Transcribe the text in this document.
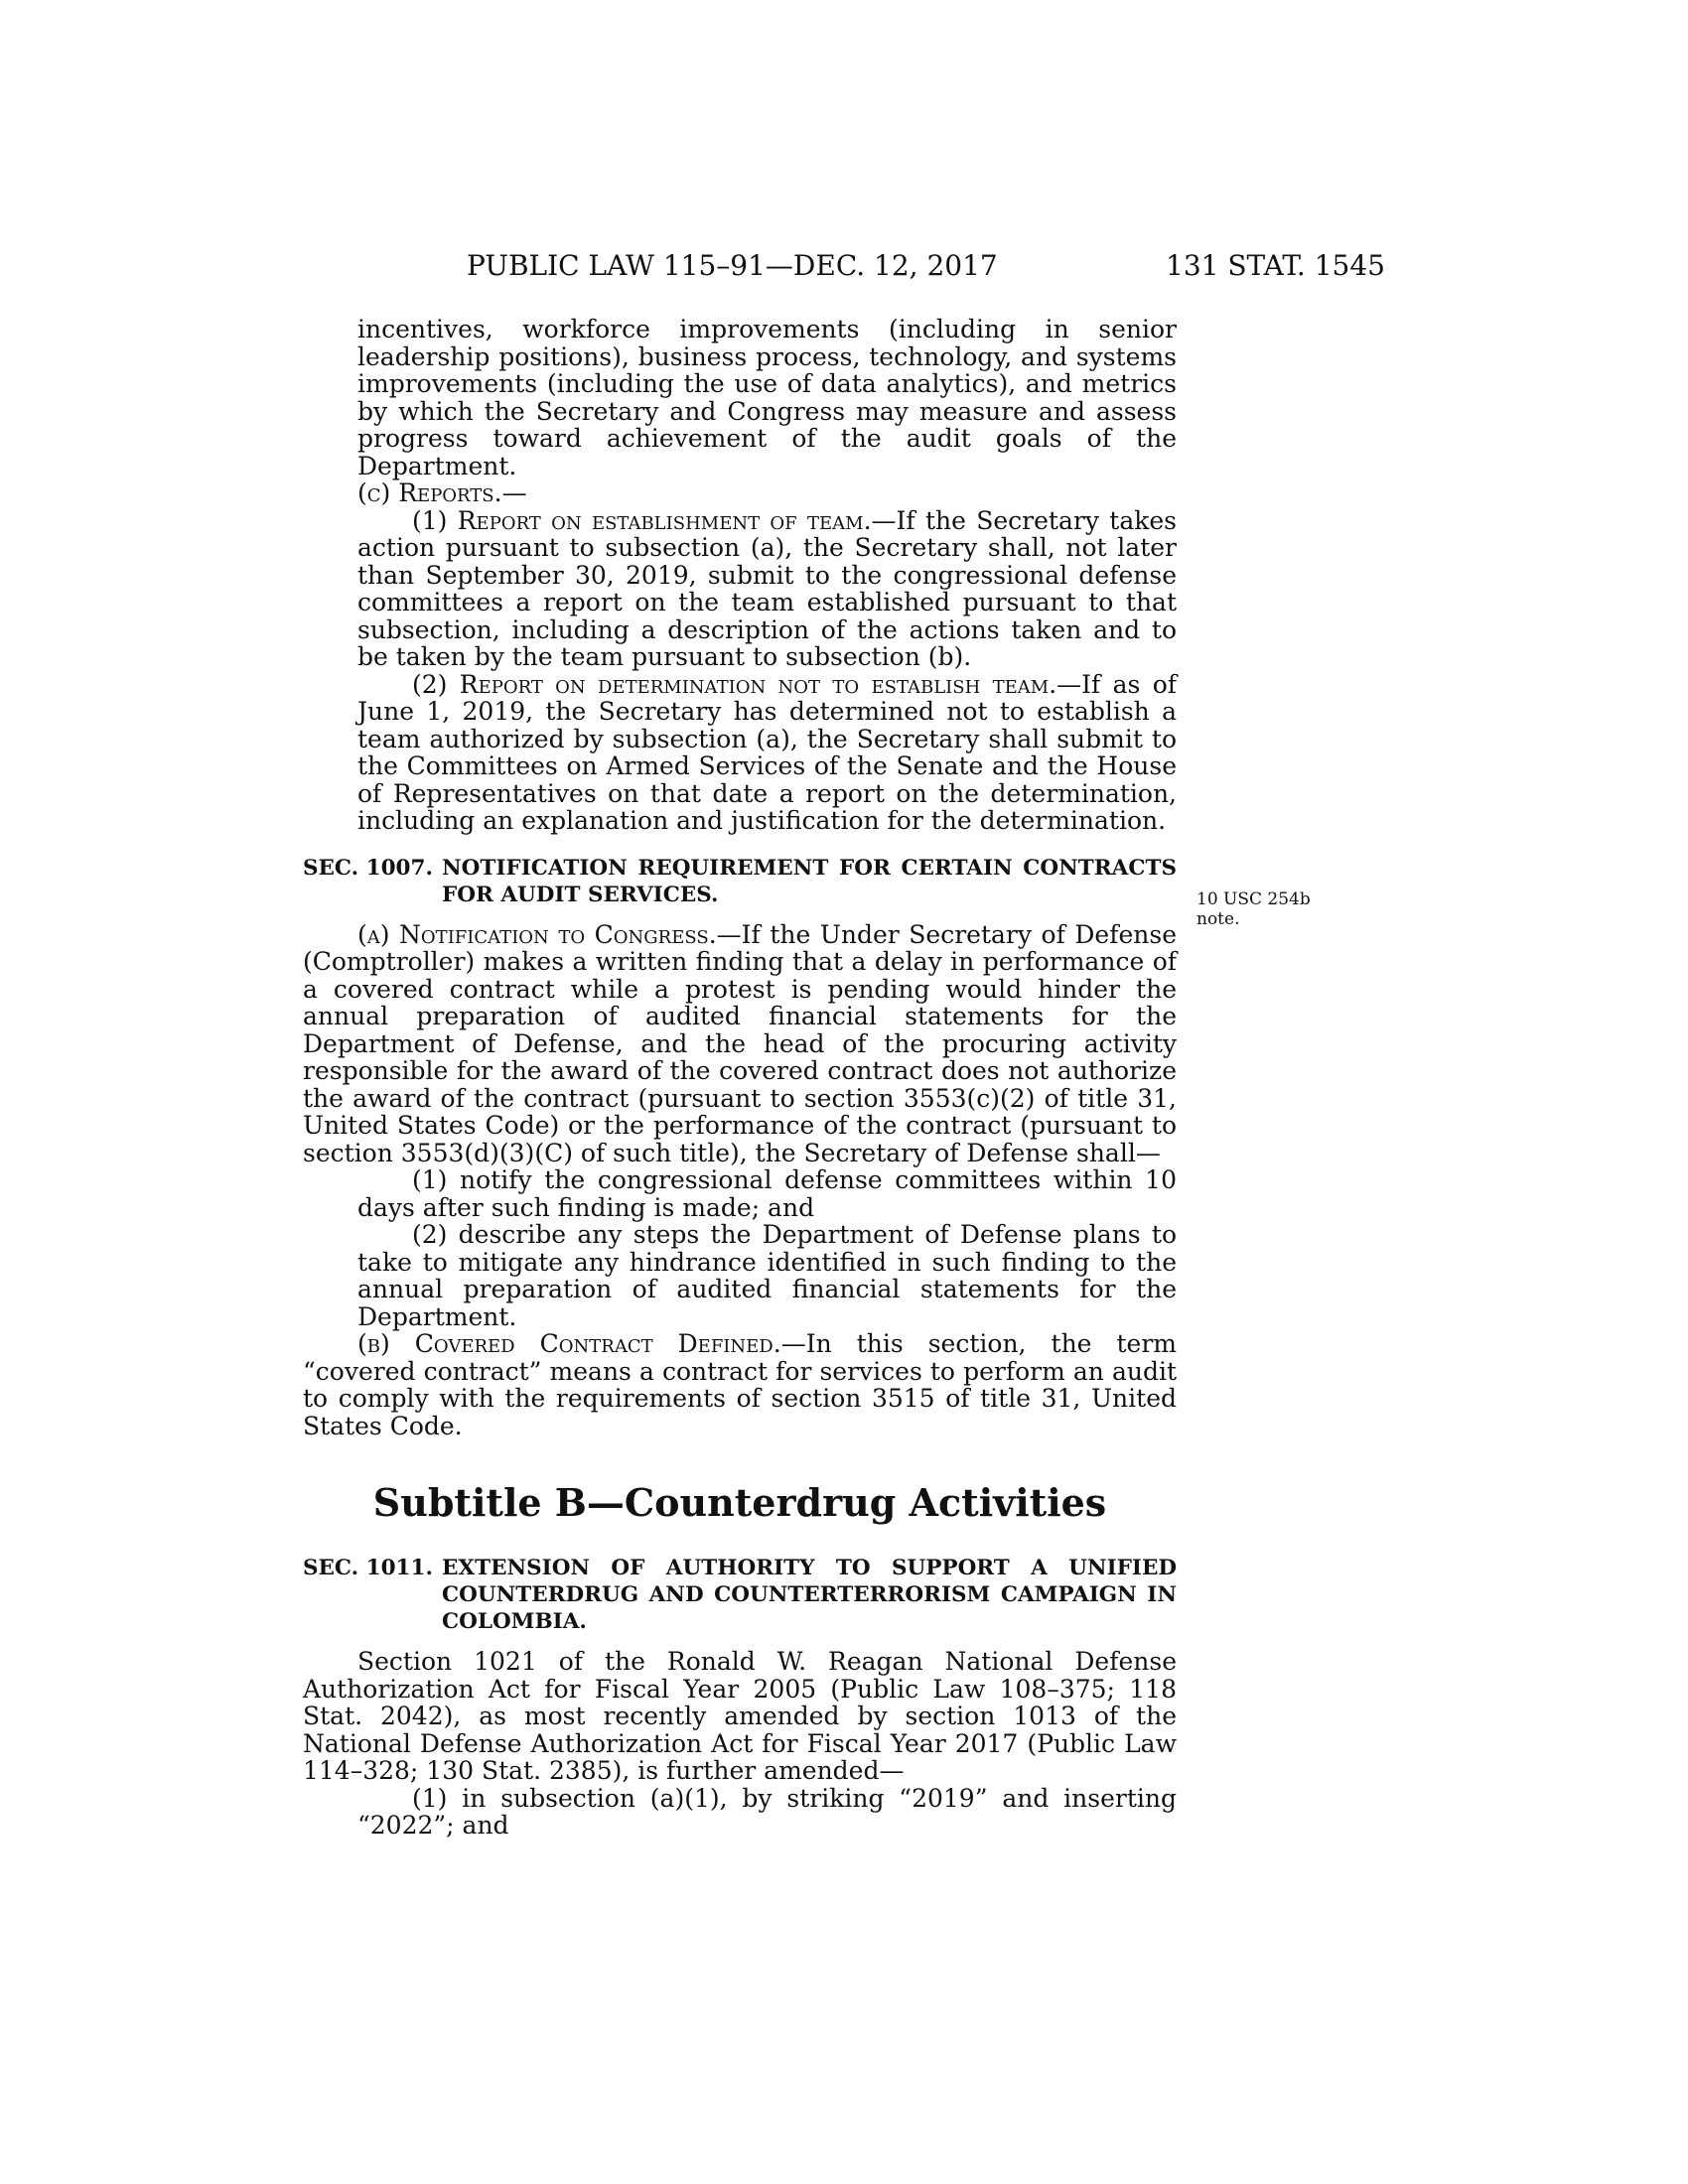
PUBLIC LAW 115–91—DEC. 12, 2017	131 STAT. 1545
10 USC 254b
note.

incentives, workforce improvements (including in senior leadership positions), business process, technology, and systems improvements (including the use of data analytics), and metrics by which the Secretary and Congress may measure and assess progress toward achievement of the audit goals of the Department.

(c) Reports.—

(1) Report on establishment of team.—If the Secretary takes action pursuant to subsection (a), the Secretary shall, not later than September 30, 2019, submit to the congressional defense committees a report on the team established pursuant to that subsection, including a description of the actions taken and to be taken by the team pursuant to subsection (b).

(2) Report on determination not to establish team.—If as of June 1, 2019, the Secretary has determined not to establish a team authorized by subsection (a), the Secretary shall submit to the Committees on Armed Services of the Senate and the House of Representatives on that date a report on the determination, including an explanation and justification for the determination.

SEC. 1007. NOTIFICATION REQUIREMENT FOR CERTAIN CONTRACTS FOR AUDIT SERVICES.

(a) Notification to Congress.—If the Under Secretary of Defense (Comptroller) makes a written finding that a delay in performance of a covered contract while a protest is pending would hinder the annual preparation of audited financial statements for the Department of Defense, and the head of the procuring activity responsible for the award of the covered contract does not authorize the award of the contract (pursuant to section 3553(c)(2) of title 31, United States Code) or the performance of the contract (pursuant to section 3553(d)(3)(C) of such title), the Secretary of Defense shall—

(1) notify the congressional defense committees within 10 days after such finding is made; and

(2) describe any steps the Department of Defense plans to take to mitigate any hindrance identified in such finding to the annual preparation of audited financial statements for the Department.

(b) Covered Contract Defined.—In this section, the term “covered contract” means a contract for services to perform an audit to comply with the requirements of section 3515 of title 31, United States Code.

Subtitle B—Counterdrug Activities
SEC. 1011. EXTENSION OF AUTHORITY TO SUPPORT A UNIFIED COUNTERDRUG AND COUNTERTERRORISM CAMPAIGN IN COLOMBIA.

Section 1021 of the Ronald W. Reagan National Defense Authorization Act for Fiscal Year 2005 (Public Law 108–375; 118 Stat. 2042), as most recently amended by section 1013 of the National Defense Authorization Act for Fiscal Year 2017 (Public Law 114–328; 130 Stat. 2385), is further amended—

(1) in subsection (a)(1), by striking “2019” and inserting “2022”; and
